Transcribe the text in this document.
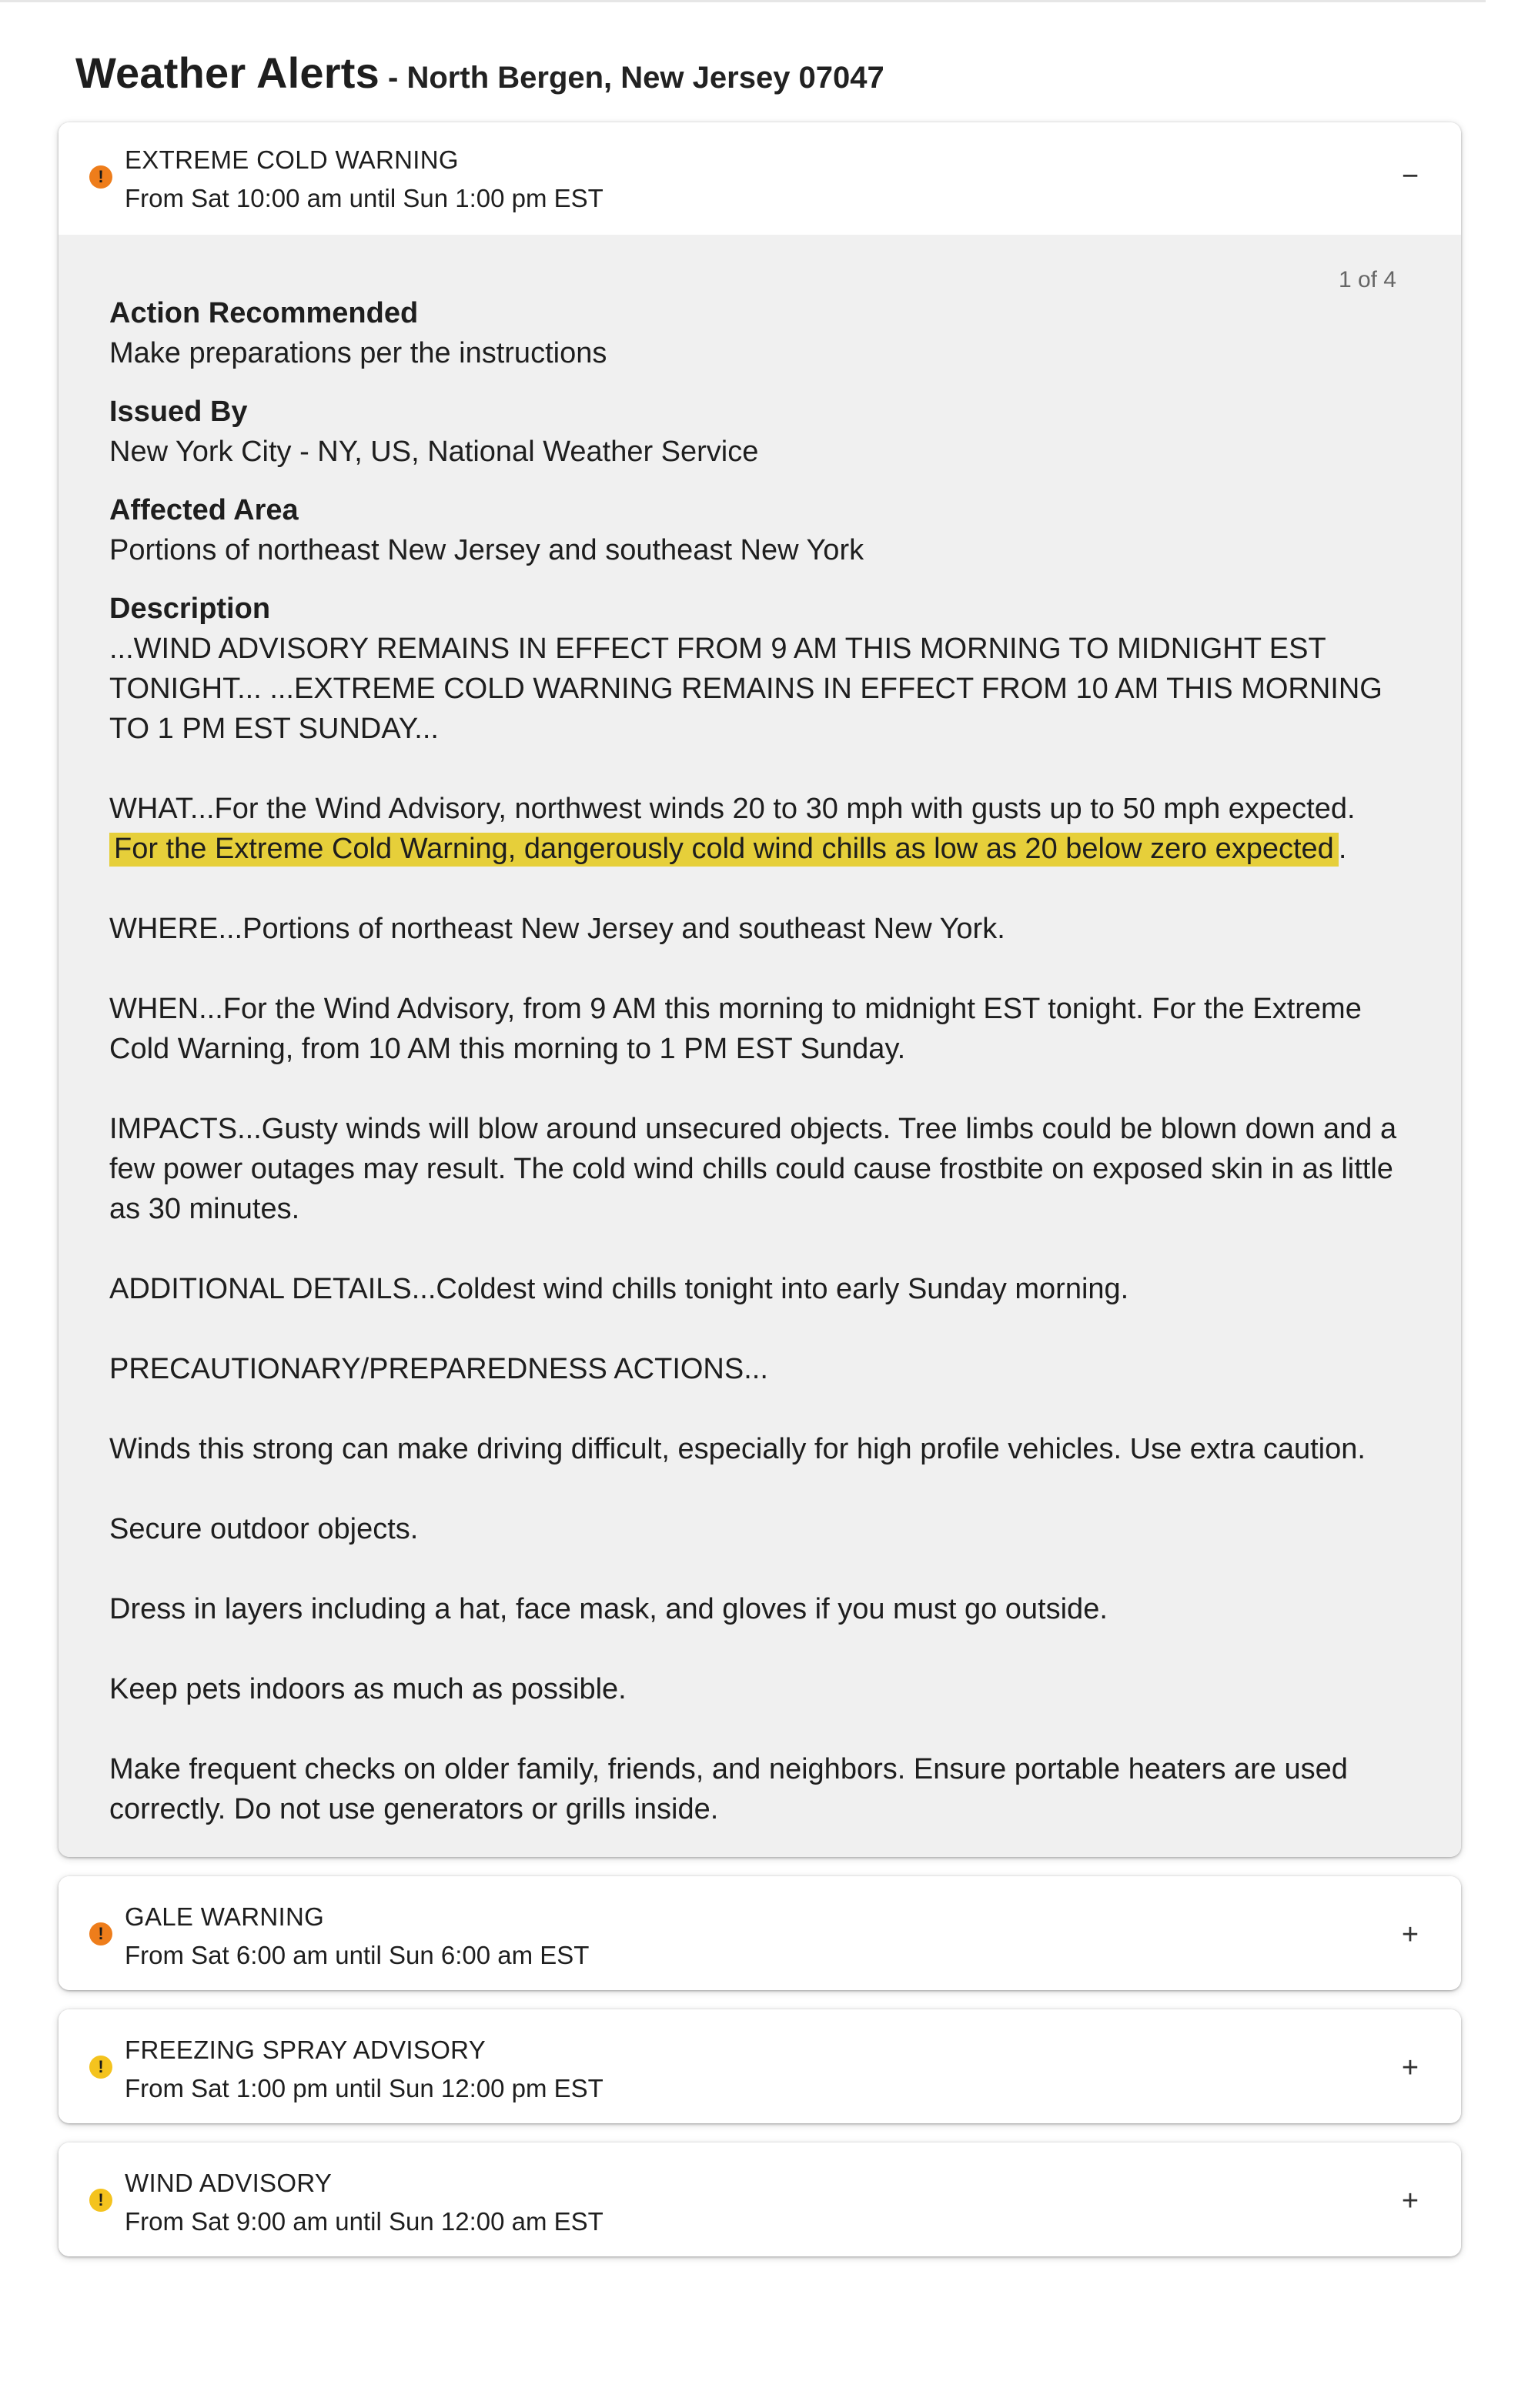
Weather Alerts - North Bergen, New Jersey 07047
!
EXTREME COLD WARNING
From Sat 10:00 am until Sun 1:00 pm EST
−
1 of 4
Action Recommended
Make preparations per the instructions
Issued By
New York City - NY, US, National Weather Service
Affected Area
Portions of northeast New Jersey and southeast New York
Description

...WIND ADVISORY REMAINS IN EFFECT FROM 9 AM THIS MORNING TO MIDNIGHT EST TONIGHT... ...EXTREME COLD WARNING REMAINS IN EFFECT FROM 10 AM THIS MORNING TO 1 PM EST SUNDAY...

WHAT...For the Wind Advisory, northwest winds 20 to 30 mph with gusts up to 50 mph expected. For the Extreme Cold Warning, dangerously cold wind chills as low as 20 below zero expected .

WHERE...Portions of northeast New Jersey and southeast New York.

WHEN...For the Wind Advisory, from 9 AM this morning to midnight EST tonight. For the Extreme Cold Warning, from 10 AM this morning to 1 PM EST Sunday.

IMPACTS...Gusty winds will blow around unsecured objects. Tree limbs could be blown down and a few power outages may result. The cold wind chills could cause frostbite on exposed skin in as little as 30 minutes.

ADDITIONAL DETAILS...Coldest wind chills tonight into early Sunday morning.

PRECAUTIONARY/PREPAREDNESS ACTIONS...

Winds this strong can make driving difficult, especially for high profile vehicles. Use extra caution.

Secure outdoor objects.

Dress in layers including a hat, face mask, and gloves if you must go outside.

Keep pets indoors as much as possible.

Make frequent checks on older family, friends, and neighbors. Ensure portable heaters are used correctly. Do not use generators or grills inside.

!
GALE WARNING
From Sat 6:00 am until Sun 6:00 am EST
+
!
FREEZING SPRAY ADVISORY
From Sat 1:00 pm until Sun 12:00 pm EST
+
!
WIND ADVISORY
From Sat 9:00 am until Sun 12:00 am EST
+
